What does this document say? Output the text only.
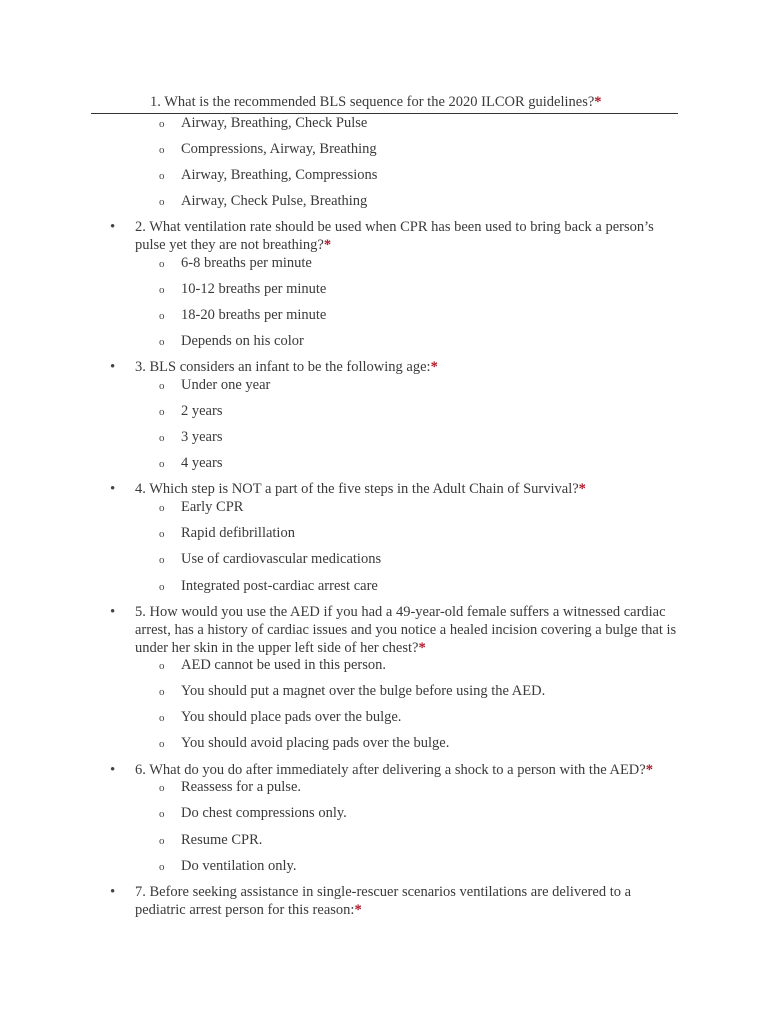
1. What is the recommended BLS sequence for the 2020 ILCOR guidelines?*
o Airway, Breathing, Check Pulse
o Compressions, Airway, Breathing
o Airway, Breathing, Compressions
o Airway, Check Pulse, Breathing
• 2. What ventilation rate should be used when CPR has been used to bring back a person’s pulse yet they are not breathing?*
o 6-8 breaths per minute
o 10-12 breaths per minute
o 18-20 breaths per minute
o Depends on his color
• 3. BLS considers an infant to be the following age:*
o Under one year
o 2 years
o 3 years
o 4 years
• 4. Which step is NOT a part of the five steps in the Adult Chain of Survival?*
o Early CPR
o Rapid defibrillation
o Use of cardiovascular medications
o Integrated post-cardiac arrest care
• 5. How would you use the AED if you had a 49-year-old female suffers a witnessed cardiac arrest, has a history of cardiac issues and you notice a healed incision covering a bulge that is under her skin in the upper left side of her chest?*
o AED cannot be used in this person.
o You should put a magnet over the bulge before using the AED.
o You should place pads over the bulge.
o You should avoid placing pads over the bulge.
• 6. What do you do after immediately after delivering a shock to a person with the AED?*
o Reassess for a pulse.
o Do chest compressions only.
o Resume CPR.
o Do ventilation only.
• 7. Before seeking assistance in single-rescuer scenarios ventilations are delivered to a pediatric arrest person for this reason:*
